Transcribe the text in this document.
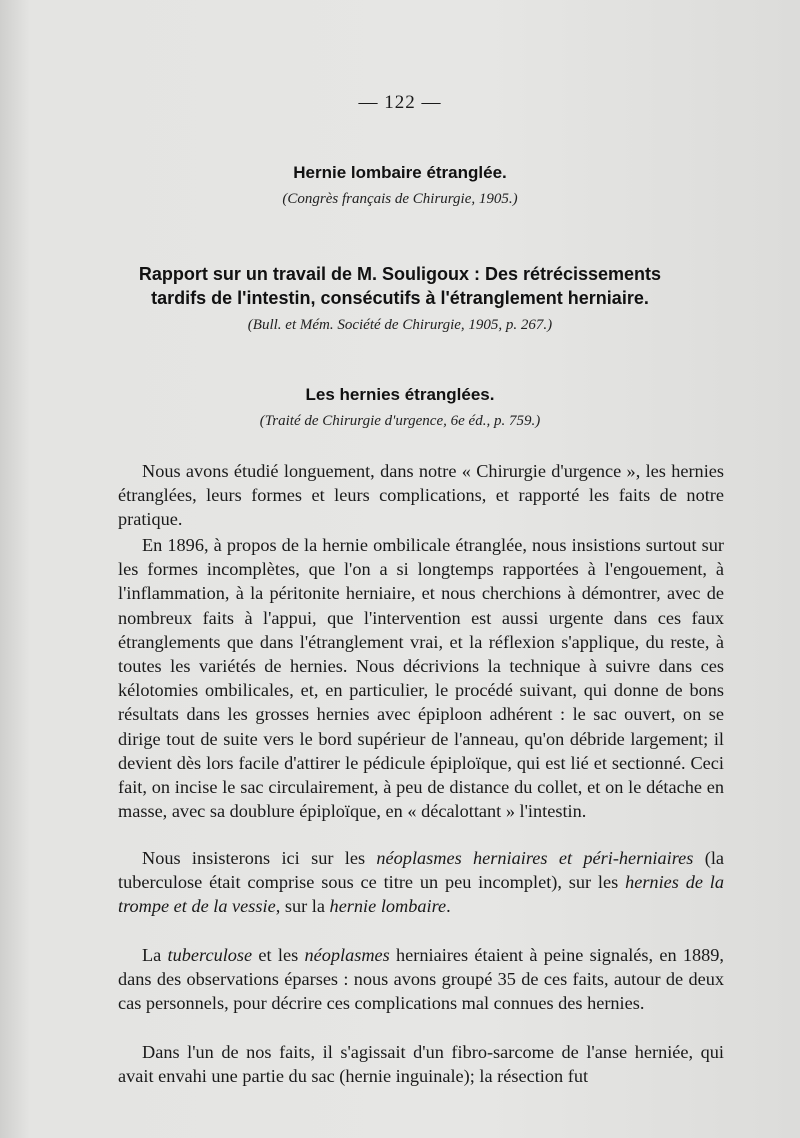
— 122 —
Hernie lombaire étranglée.
(Congrès français de Chirurgie, 1905.)
Rapport sur un travail de M. Souligoux : Des rétrécissements
tardifs de l'intestin, consécutifs à l'étranglement herniaire.
(Bull. et Mém. Société de Chirurgie, 1905, p. 267.)
Les hernies étranglées.
(Traité de Chirurgie d'urgence, 6e éd., p. 759.)

Nous avons étudié longuement, dans notre « Chirurgie d'urgence », les hernies étranglées, leurs formes et leurs complications, et rapporté les faits de notre pratique.

En 1896, à propos de la hernie ombilicale étranglée, nous insistions surtout sur les formes incomplètes, que l'on a si longtemps rapportées à l'engouement, à l'inflammation, à la péritonite herniaire, et nous cherchions à démontrer, avec de nombreux faits à l'appui, que l'intervention est aussi urgente dans ces faux étranglements que dans l'étranglement vrai, et la réflexion s'applique, du reste, à toutes les variétés de hernies. Nous décrivions la technique à suivre dans ces kélotomies ombilicales, et, en particulier, le procédé suivant, qui donne de bons résultats dans les grosses hernies avec épiploon adhérent : le sac ouvert, on se dirige tout de suite vers le bord supérieur de l'anneau, qu'on débride largement; il devient dès lors facile d'attirer le pédicule épiploïque, qui est lié et sectionné. Ceci fait, on incise le sac circulairement, à peu de distance du collet, et on le détache en masse, avec sa doublure épiploïque, en « décalottant » l'intestin.

Nous insisterons ici sur les néoplasmes herniaires et péri-herniaires (la tuberculose était comprise sous ce titre un peu incomplet), sur les hernies de la trompe et de la vessie, sur la hernie lombaire.

La tuberculose et les néoplasmes herniaires étaient à peine signalés, en 1889, dans des observations éparses : nous avons groupé 35 de ces faits, autour de deux cas personnels, pour décrire ces complications mal connues des hernies.

Dans l'un de nos faits, il s'agissait d'un fibro-sarcome de l'anse herniée, qui avait envahi une partie du sac (hernie inguinale); la résection fut
